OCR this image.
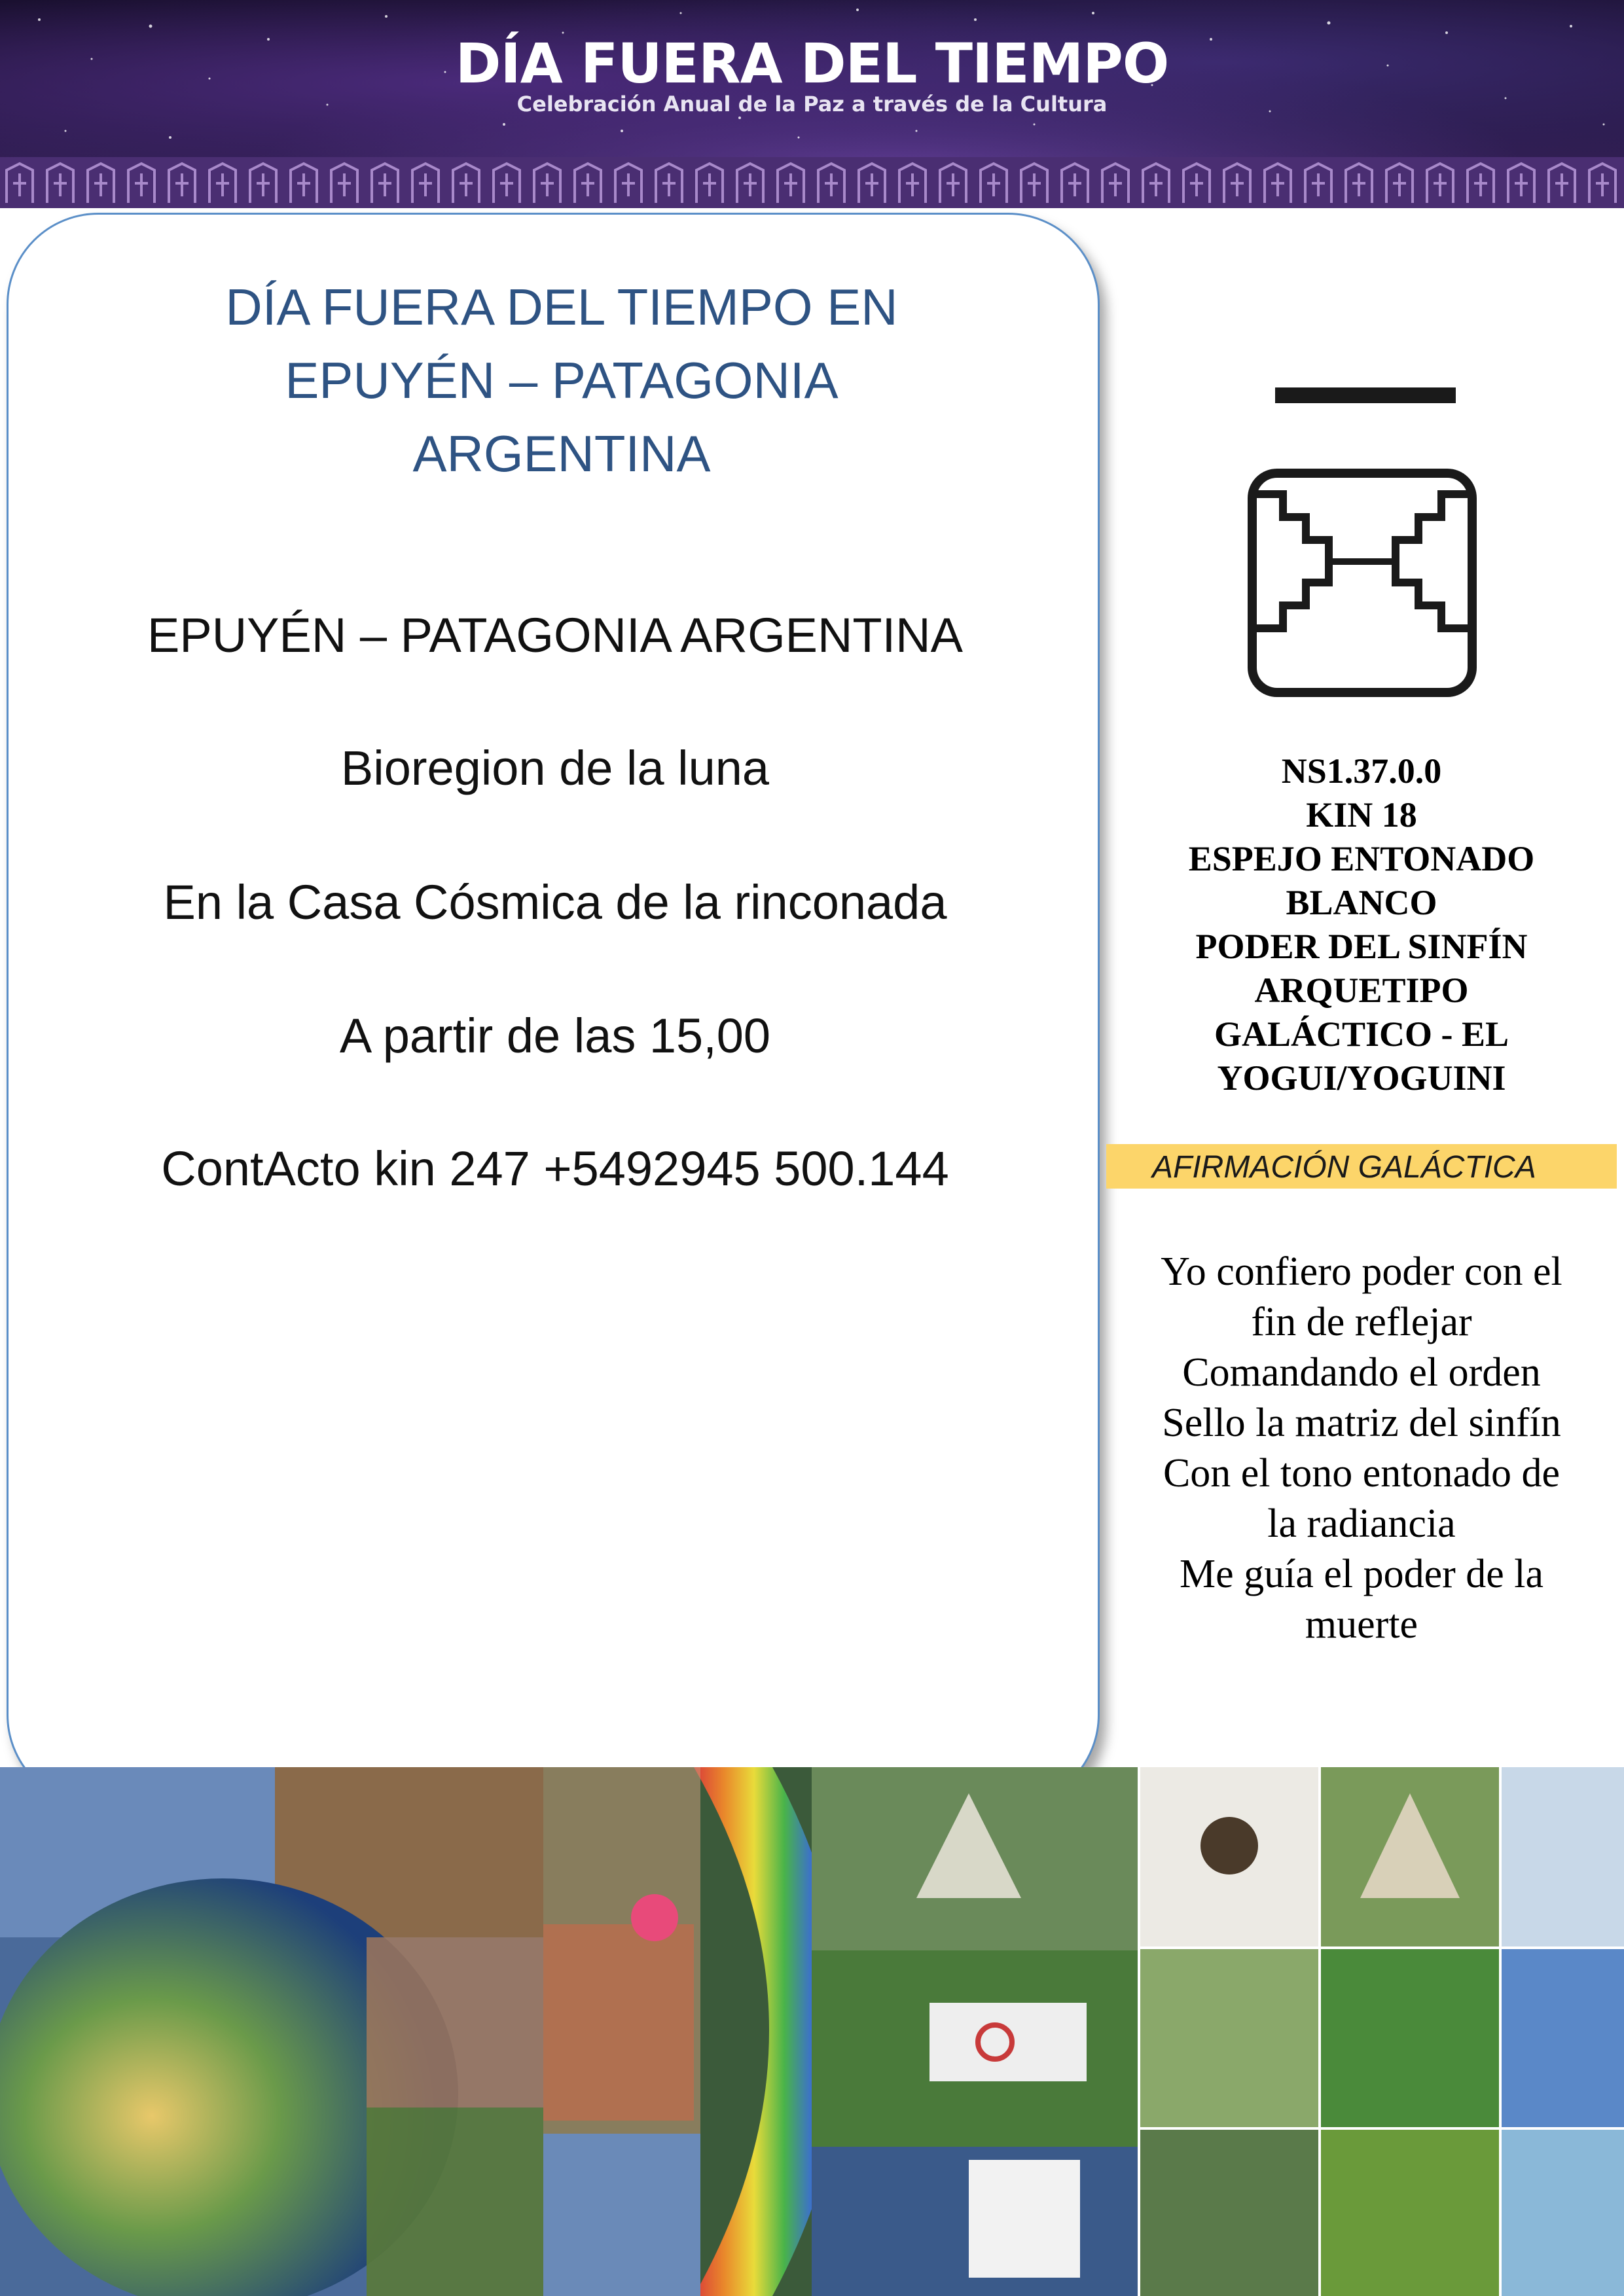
DÍA FUERA DEL TIEMPO
Celebración Anual de la Paz a través de la Cultura
DÍA FUERA DEL TIEMPO EN
EPUYÉN – PATAGONIA
ARGENTINA
EPUYÉN – PATAGONIA ARGENTINA
Bioregion de la luna
En la Casa Cósmica de la rinconada
A partir de las 15,00
ContActo kin 247 +5492945 500.144
NS1.37.0.0
KIN 18
ESPEJO ENTONADO
BLANCO
PODER DEL SINFÍN
ARQUETIPO
GALÁCTICO - EL
YOGUI/YOGUINI
AFIRMACIÓN GALÁCTICA
Yo confiero poder con el
fin de reflejar
Comandando el orden
Sello la matriz del sinfín
Con el tono entonado de
la radiancia
Me guía el poder de la
muerte
